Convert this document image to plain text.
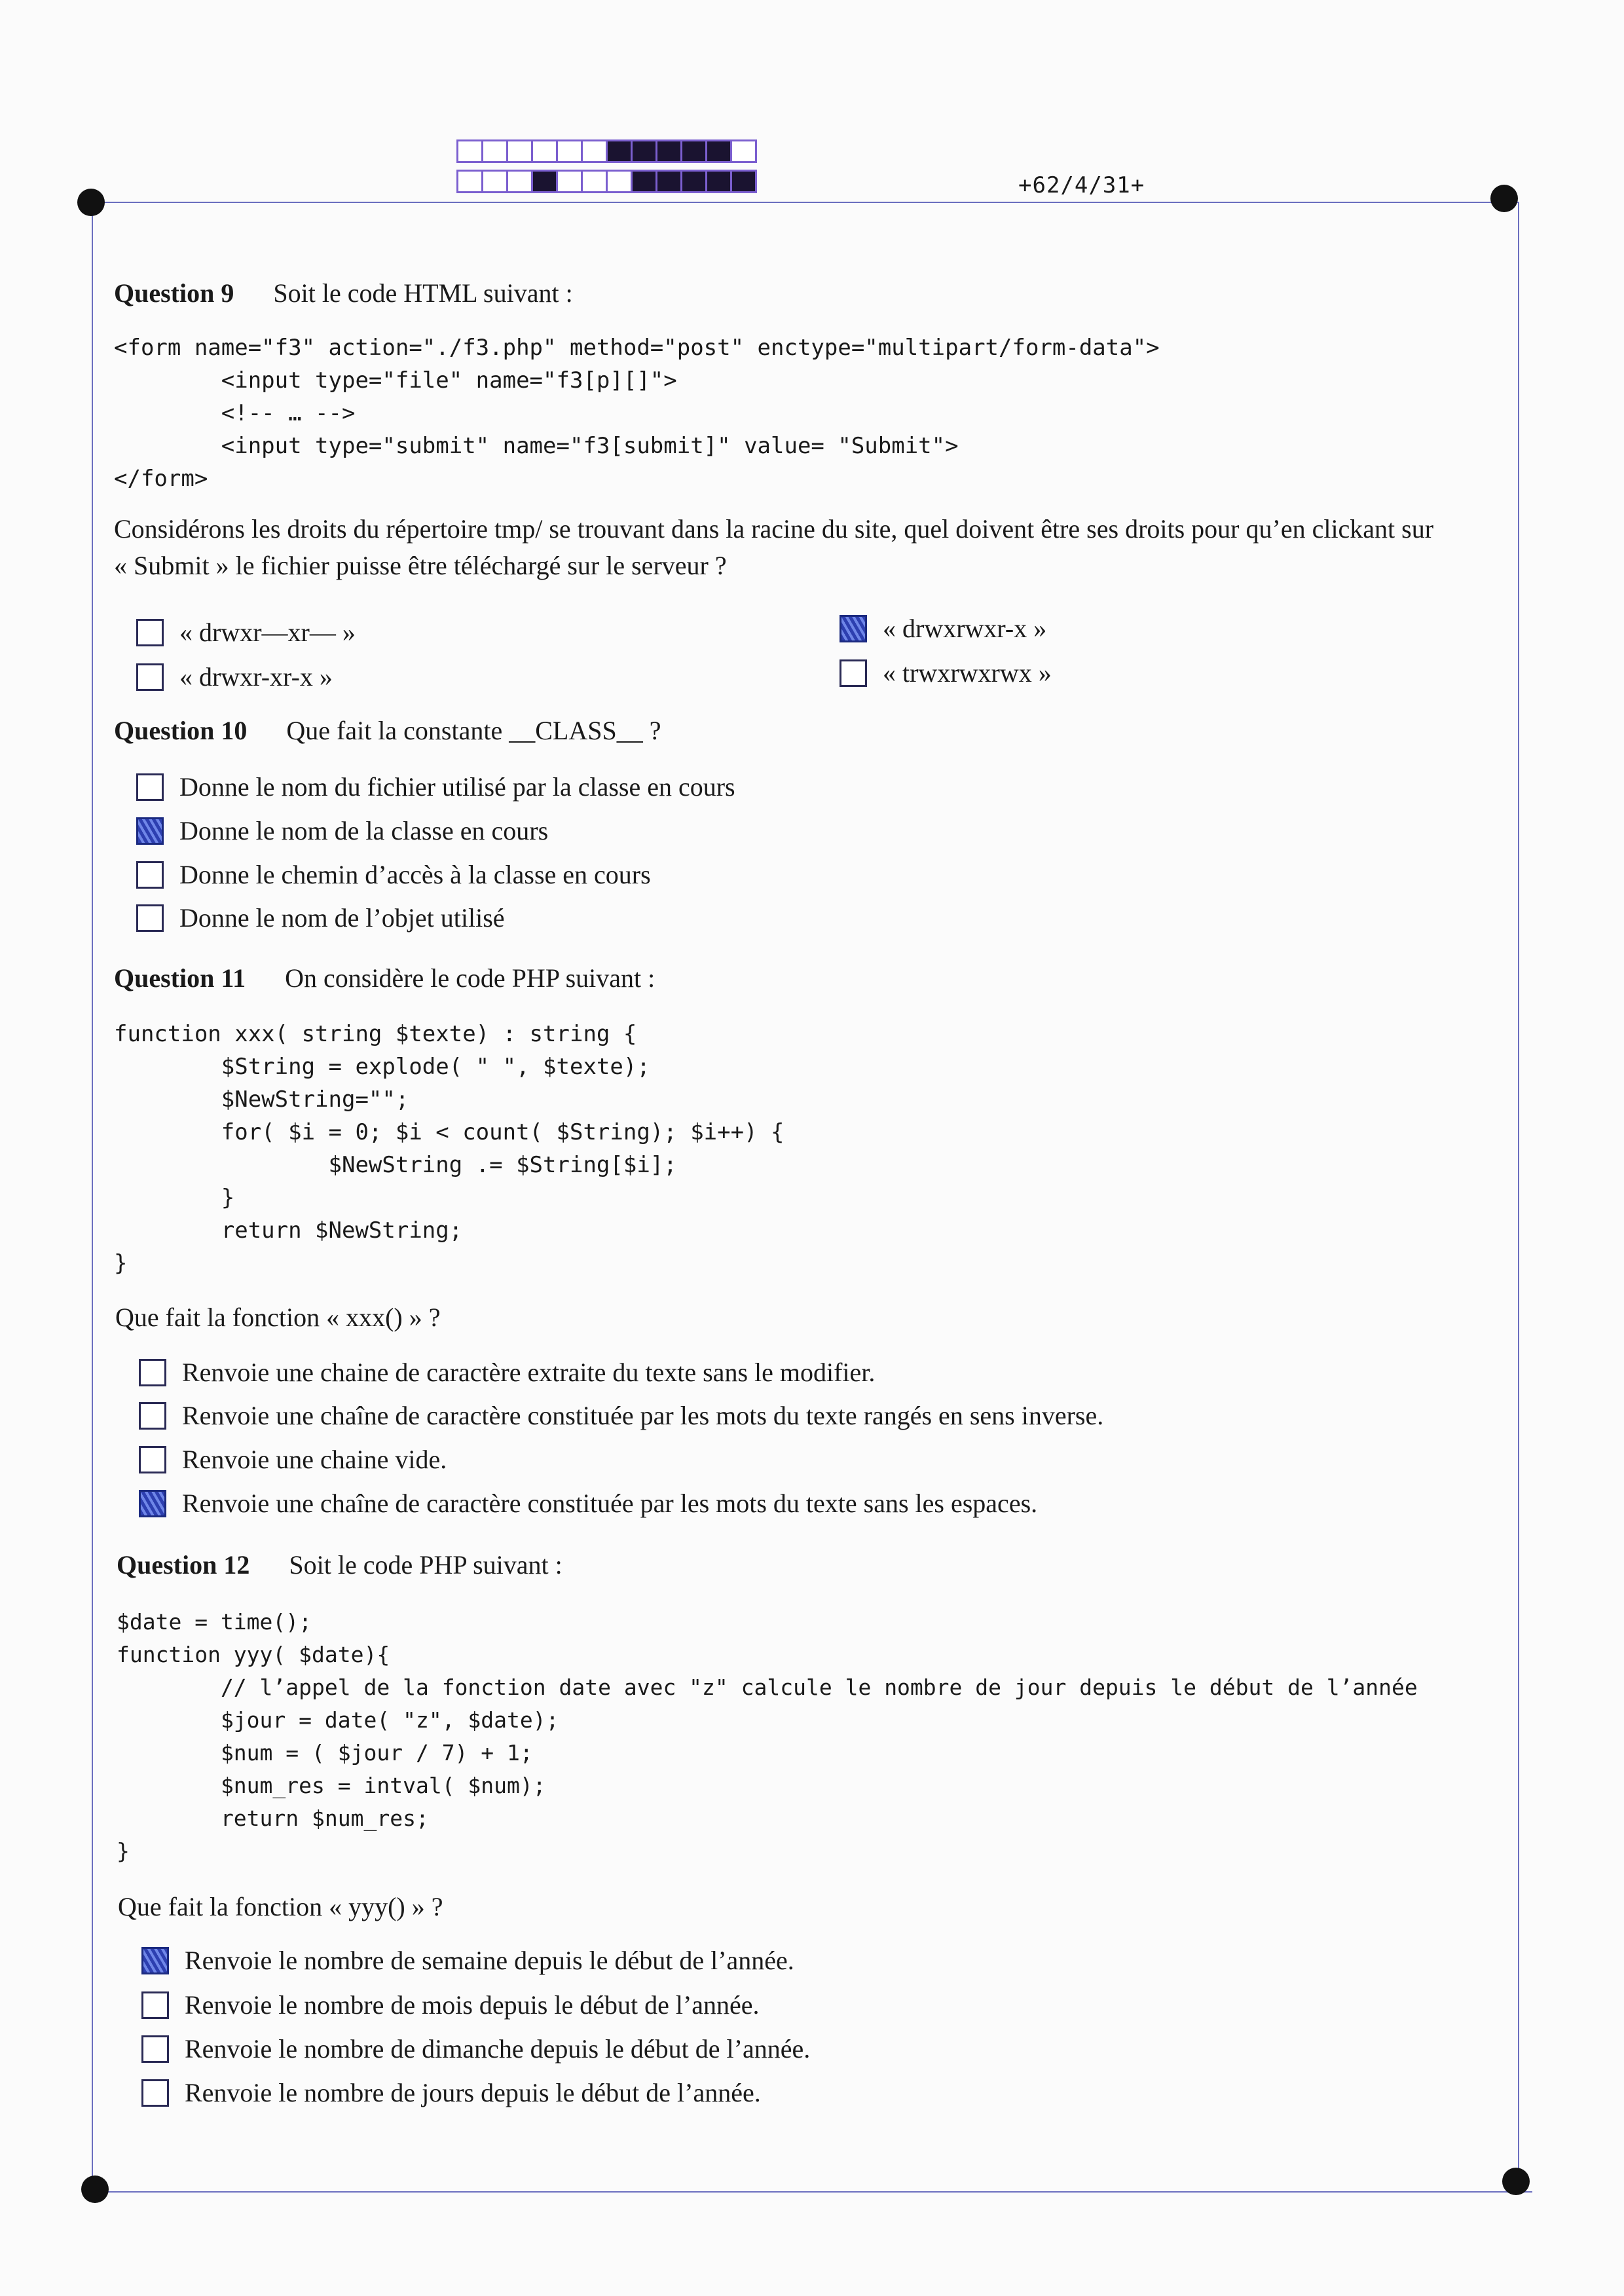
+62/4/31+
Question 9 Soit le code HTML suivant :
<form name="f3" action="./f3.php" method="post" enctype="multipart/form-data">
<input type="file" name="f3[p][]">
<!-- … -->
<input type="submit" name="f3[submit]" value= "Submit">
</form>
Considérons les droits du répertoire tmp/ se trouvant dans la racine du site, quel doivent être ses droits pour qu’en clickant sur
« Submit » le fichier puisse être téléchargé sur le serveur ?
« drwxr—xr— »	« drwxrwxr-x »
« drwxr-xr-x »	« trwxrwxrwx »
Question 10 Que fait la constante __CLASS__ ?
Donne le nom du fichier utilisé par la classe en cours
Donne le nom de la classe en cours
Donne le chemin d’accès à la classe en cours
Donne le nom de l’objet utilisé
Question 11 On considère le code PHP suivant :
function xxx( string $texte) : string {
$String = explode( " ", $texte);
$NewString="";
for( $i = 0; $i < count( $String); $i++) {
$NewString .= $String[$i];
}
return $NewString;
}
Que fait la fonction « xxx() » ?
Renvoie une chaine de caractère extraite du texte sans le modifier.
Renvoie une chaîne de caractère constituée par les mots du texte rangés en sens inverse.
Renvoie une chaine vide.
Renvoie une chaîne de caractère constituée par les mots du texte sans les espaces.
Question 12 Soit le code PHP suivant :
$date = time();
function yyy( $date){
// l’appel de la fonction date avec "z" calcule le nombre de jour depuis le début de l’année
$jour = date( "z", $date);
$num = ( $jour / 7) + 1;
$num_res = intval( $num);
return $num_res;
}
Que fait la fonction « yyy() » ?
Renvoie le nombre de semaine depuis le début de l’année.
Renvoie le nombre de mois depuis le début de l’année.
Renvoie le nombre de dimanche depuis le début de l’année.
Renvoie le nombre de jours depuis le début de l’année.
